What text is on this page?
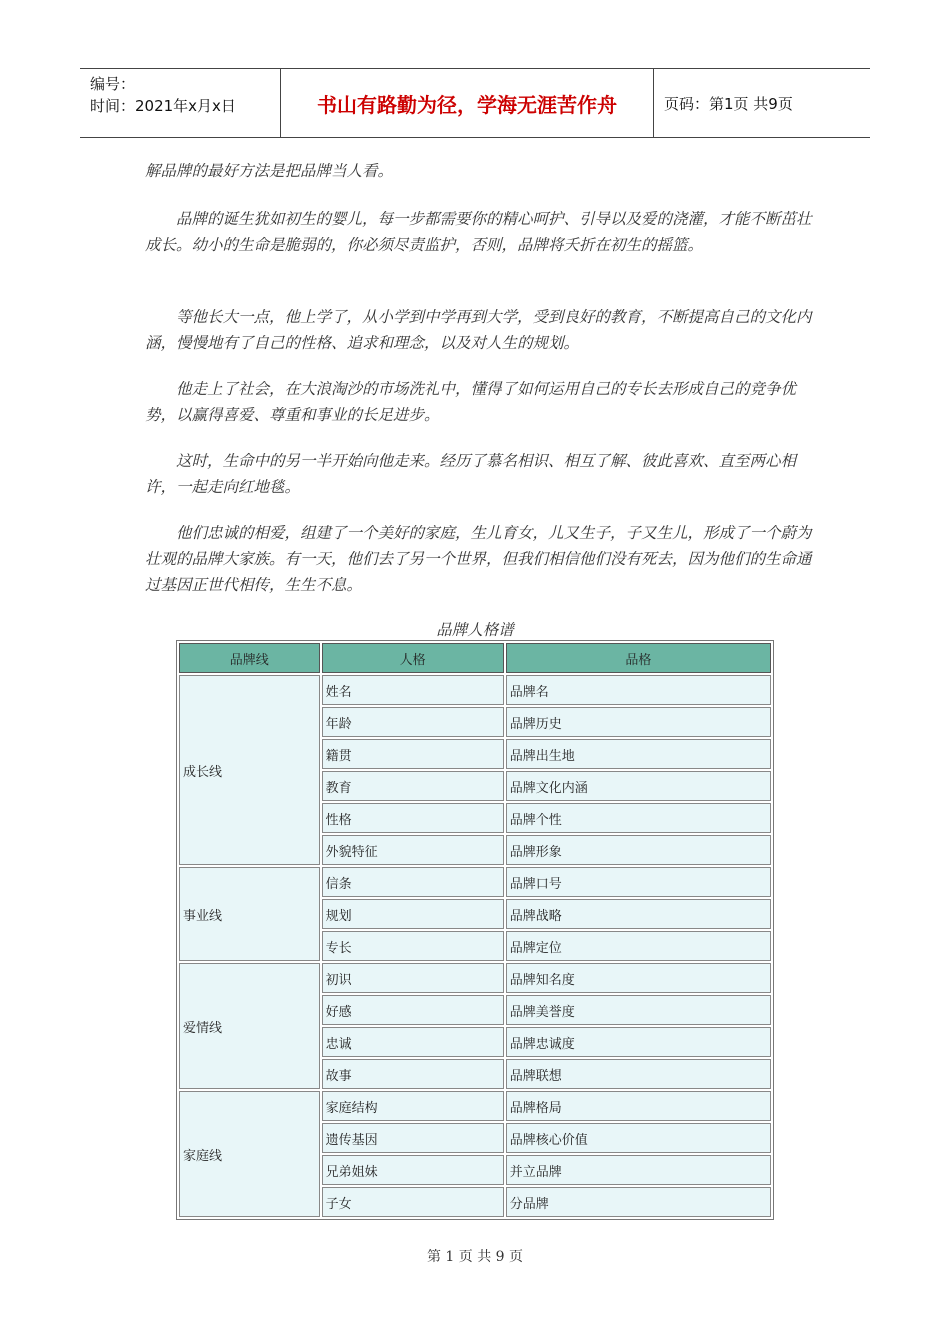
编号：
时间：2021年x月x日	书山有路勤为径，学海无涯苦作舟	页码：第1页 共9页

解品牌的最好方法是把品牌当人看。

品牌的诞生犹如初生的婴儿，每一步都需要你的精心呵护、引导以及爱的浇灌，才能不断茁壮成长。幼小的生命是脆弱的，你必须尽责监护，否则，品牌将夭折在初生的摇篮。

等他长大一点，他上学了，从小学到中学再到大学，受到良好的教育，不断提高自己的文化内涵，慢慢地有了自己的性格、追求和理念，以及对人生的规划。

他走上了社会，在大浪淘沙的市场洗礼中，懂得了如何运用自己的专长去形成自己的竞争优势，以赢得喜爱、尊重和事业的长足进步。

这时，生命中的另一半开始向他走来。经历了慕名相识、相互了解、彼此喜欢、直至两心相许，一起走向红地毯。

他们忠诚的相爱，组建了一个美好的家庭，生儿育女，儿又生子，子又生儿，形成了一个蔚为壮观的品牌大家族。有一天，他们去了另一个世界，但我们相信他们没有死去，因为他们的生命通过基因正世代相传，生生不息。

品牌人格谱
品牌线	人格	品格
成长线	姓名	品牌名
	年龄	品牌历史
	籍贯	品牌出生地
	教育	品牌文化内涵
	性格	品牌个性
	外貌特征	品牌形象
事业线	信条	品牌口号
	规划	品牌战略
	专长	品牌定位
爱情线	初识	品牌知名度
	好感	品牌美誉度
	忠诚	品牌忠诚度
	故事	品牌联想
家庭线	家庭结构	品牌格局
	遗传基因	品牌核心价值
	兄弟姐妹	并立品牌
	子女	分品牌
第 1 页 共 9 页
